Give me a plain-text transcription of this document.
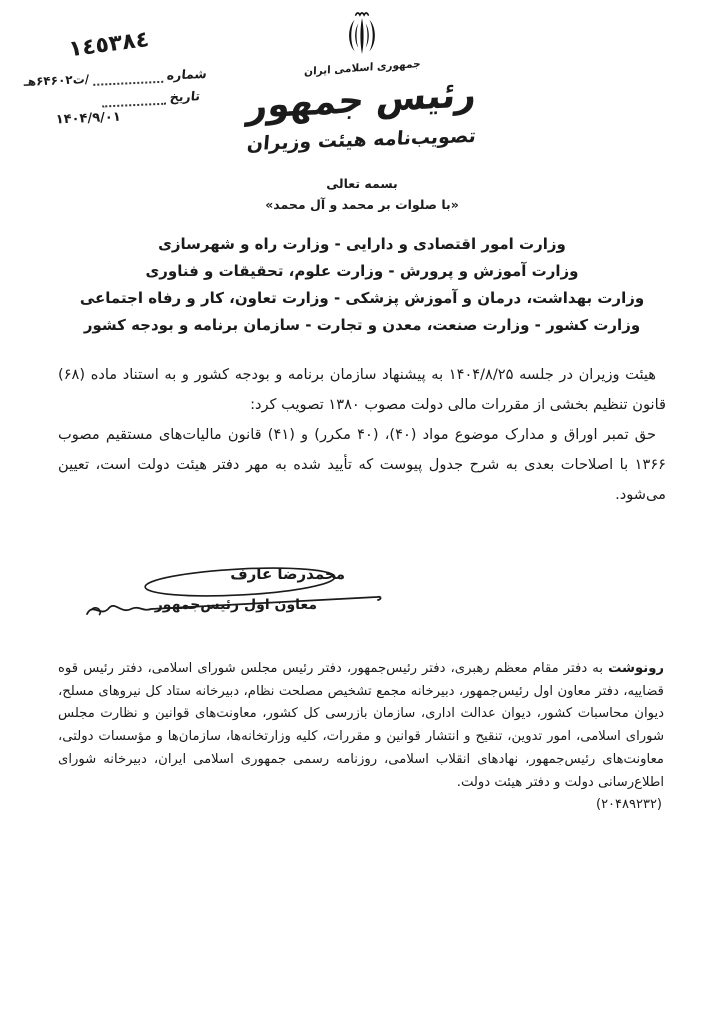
١٤٥٣٨٤
شماره
/ت۶۴۶۰۲هـ
تاریخ
۱۴۰۴/۹/۰۱
جمهوری اسلامی ایران
رئیس جمهور
تصویب‌نامه هیئت وزیران
بسمه تعالی
«با صلوات بر محمد و آل محمد»
وزارت امور اقتصادی و دارایی - وزارت راه و شهرسازی
وزارت آموزش و پرورش - وزارت علوم، تحقیقات و فناوری
وزارت بهداشت، درمان و آموزش پزشکی - وزارت تعاون، کار و رفاه اجتماعی
وزارت کشور - وزارت صنعت، معدن و تجارت - سازمان برنامه و بودجه کشور

هیئت وزیران در جلسه ۱۴۰۴/۸/۲۵ به پیشنهاد سازمان برنامه و بودجه کشور و به استناد ماده (۶۸) قانون تنظیم بخشی از مقررات مالی دولت مصوب ۱۳۸۰ تصویب کرد:

حق تمبر اوراق و مدارک موضوع مواد (۴۰)، (۴۰ مکرر) و (۴۱) قانون مالیات‌های مستقیم مصوب ۱۳۶۶ با اصلاحات بعدی به شرح جدول پیوست که تأیید شده به مهر دفتر هیئت دولت است، تعیین می‌شود.

محمدرضا عارف
معاون اول رئیس‌جمهور

رونوشت به دفتر مقام معظم رهبری، دفتر رئیس‌جمهور، دفتر رئیس مجلس شورای اسلامی، دفتر رئیس قوه قضاییه، دفتر معاون اول رئیس‌جمهور، دبیرخانه مجمع تشخیص مصلحت نظام، دبیرخانه ستاد کل نیروهای مسلح، دیوان محاسبات کشور، دیوان عدالت اداری، سازمان بازرسی کل کشور، معاونت‌های قوانین و نظارت مجلس شورای اسلامی، امور تدوین، تنقیح و انتشار قوانین و مقررات، کلیه وزارتخانه‌ها، سازمان‌ها و مؤسسات دولتی، معاونت‌های رئیس‌جمهور، نهادهای انقلاب اسلامی، روزنامه رسمی جمهوری اسلامی ایران، دبیرخانه شورای اطلاع‌رسانی دولت و دفتر هیئت دولت.

(۲۰۴۸۹۲۳۲)
